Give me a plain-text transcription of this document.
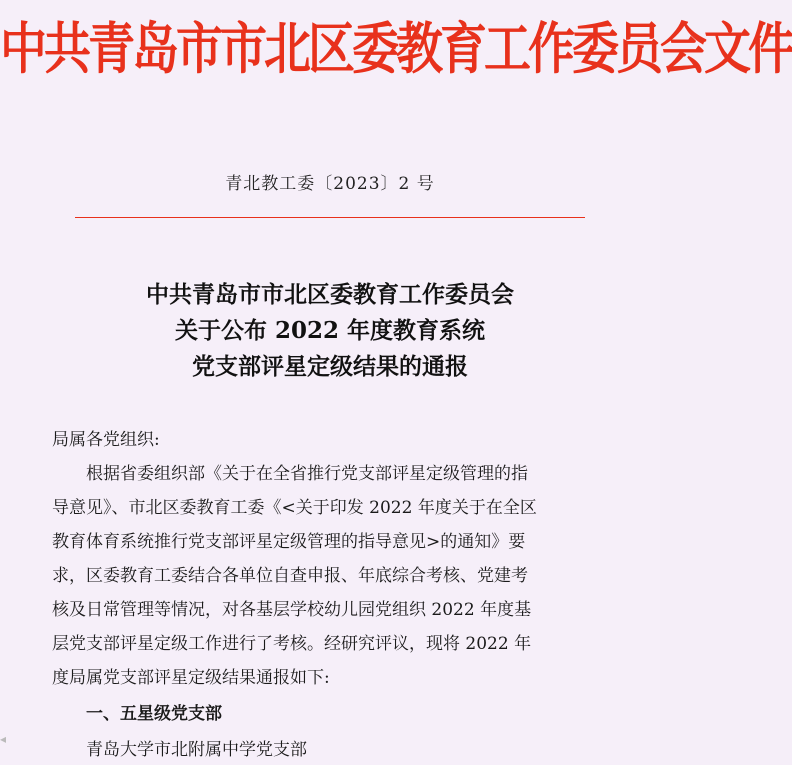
中共青岛市市北区委教育工作委员会文件
青北教工委〔2023〕2 号
中共青岛市市北区委教育工作委员会
关于公布 2022 年度教育系统
党支部评星定级结果的通报
局属各党组织:
根据省委组织部《关于在全省推行党支部评星定级管理的指
导意见》、市北区委教育工委《<关于印发 2022 年度关于在全区
教育体育系统推行党支部评星定级管理的指导意见>的通知》要
求，区委教育工委结合各单位自查申报、年底综合考核、党建考
核及日常管理等情况，对各基层学校幼儿园党组织 2022 年度基
层党支部评星定级工作进行了考核。经研究评议，现将 2022 年
度局属党支部评星定级结果通报如下:
一、五星级党支部
青岛大学市北附属中学党支部
◂
